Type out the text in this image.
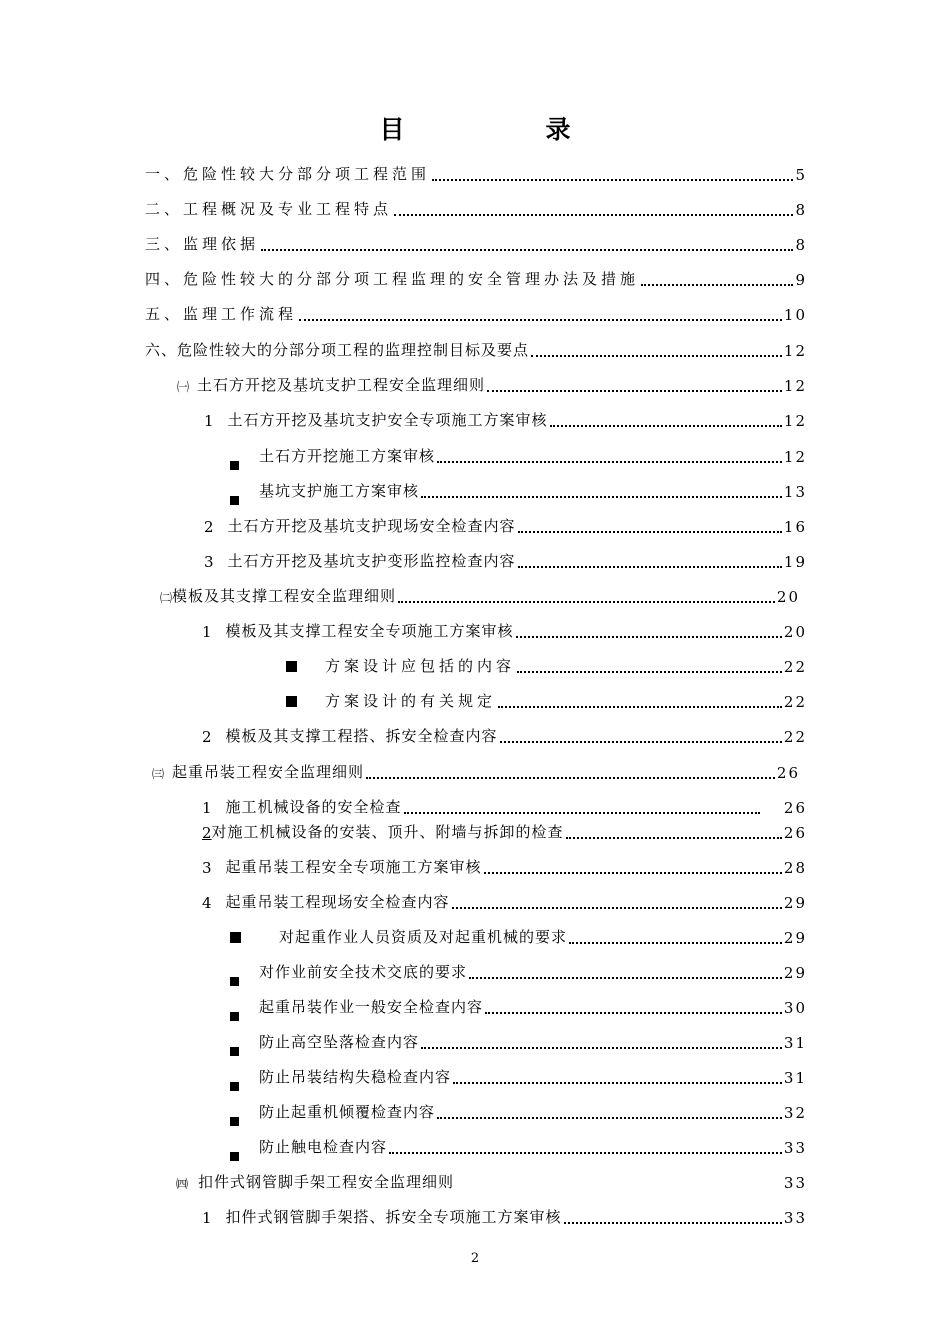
目　录
一、危险性较大分部分项工程范围	5
二、工程概况及专业工程特点	8
三、监理依据	8
四、危险性较大的分部分项工程监理的安全管理办法及措施	9
五、监理工作流程	10
六、危险性较大的分部分项工程的监理控制目标及要点	12
㈠ 土石方开挖及基坑支护工程安全监理细则	12
1 土石方开挖及基坑支护安全专项施工方案审核	12
土石方开挖施工方案审核	12
基坑支护施工方案审核	13
2 土石方开挖及基坑支护现场安全检查内容	16
3 土石方开挖及基坑支护变形监控检查内容	19
㈡ 模板及其支撑工程安全监理细则	20
1 模板及其支撑工程安全专项施工方案审核	20
方案设计应包括的内容	22
方案设计的有关规定	22
2 模板及其支撑工程搭、拆安全检查内容	22
㈢ 起重吊装工程安全监理细则	26
1 施工机械设备的安全检查	26
2 对施工机械设备的安装、顶升、附墙与拆卸的检查	26
3 起重吊装工程安全专项施工方案审核	28
4 起重吊装工程现场安全检查内容	29
对起重作业人员资质及对起重机械的要求	29
对作业前安全技术交底的要求	29
起重吊装作业一般安全检查内容	30
防止高空坠落检查内容	31
防止吊装结构失稳检查内容	31
防止起重机倾覆检查内容	32
防止触电检查内容	33
㈣ 扣件式钢管脚手架工程安全监理细则	33
1 扣件式钢管脚手架搭、拆安全专项施工方案审核	33
2
